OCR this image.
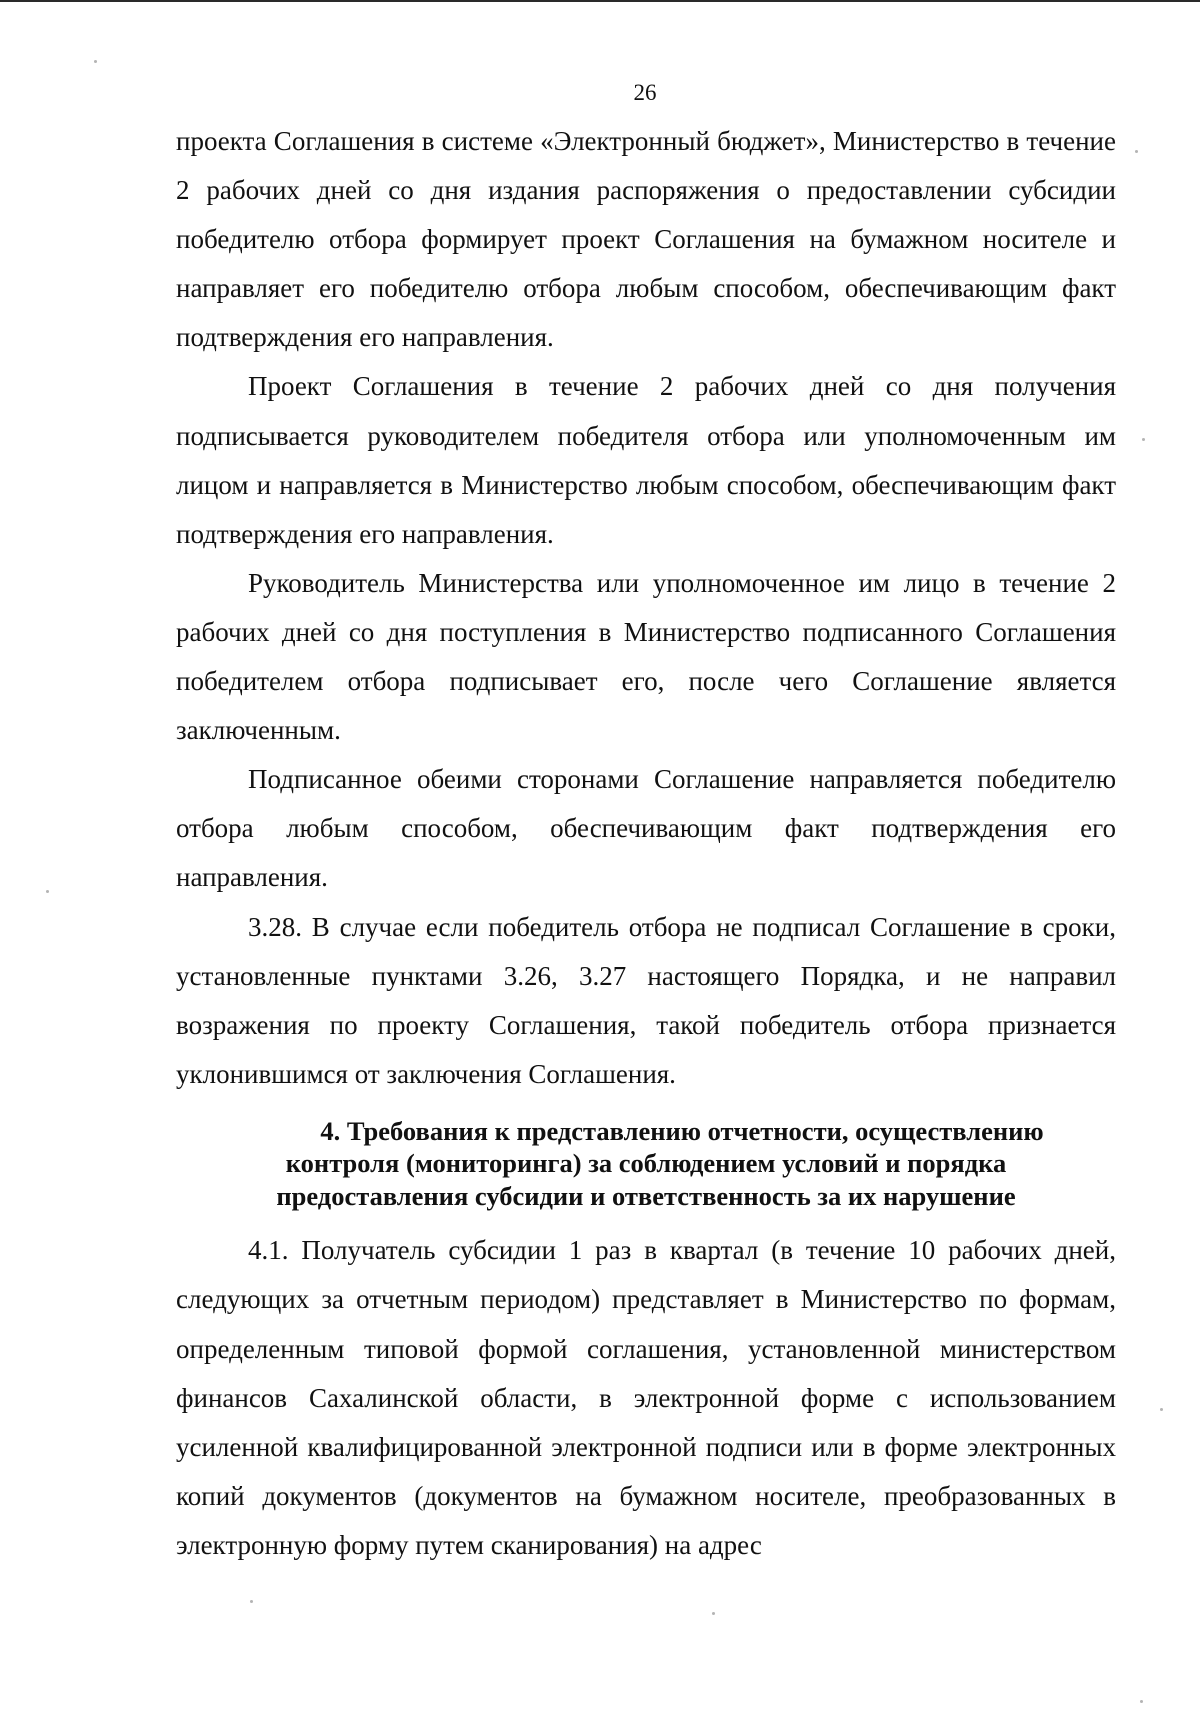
26

проекта Соглашения в системе «Электронный бюджет», Министерство в течение 2 рабочих дней со дня издания распоряжения о предоставлении субсидии победителю отбора формирует проект Соглашения на бумажном носителе и направляет его победителю отбора любым способом, обеспечивающим факт подтверждения его направления.

Проект Соглашения в течение 2 рабочих дней со дня получения подписывается руководителем победителя отбора или уполномоченным им лицом и направляется в Министерство любым способом, обеспечивающим факт подтверждения его направления.

Руководитель Министерства или уполномоченное им лицо в течение 2 рабочих дней со дня поступления в Министерство подписанного Соглашения победителем отбора подписывает его, после чего Соглашение является заключенным.

Подписанное обеими сторонами Соглашение направляется победителю отбора любым способом, обеспечивающим факт подтверждения его направления.

3.28. В случае если победитель отбора не подписал Соглашение в сроки, установленные пунктами 3.26, 3.27 настоящего Порядка, и не направил возражения по проекту Соглашения, такой победитель отбора признается уклонившимся от заключения Соглашения.

4. Требования к представлению отчетности, осуществлению контроля (мониторинга) за соблюдением условий и порядка предоставления субсидии и ответственность за их нарушение

4.1. Получатель субсидии 1 раз в квартал (в течение 10 рабочих дней, следующих за отчетным периодом) представляет в Министерство по формам, определенным типовой формой соглашения, установленной министерством финансов Сахалинской области, в электронной форме с использованием усиленной квалифицированной электронной подписи или в форме электронных копий документов (документов на бумажном носителе, преобразованных в электронную форму путем сканирования) на адрес
